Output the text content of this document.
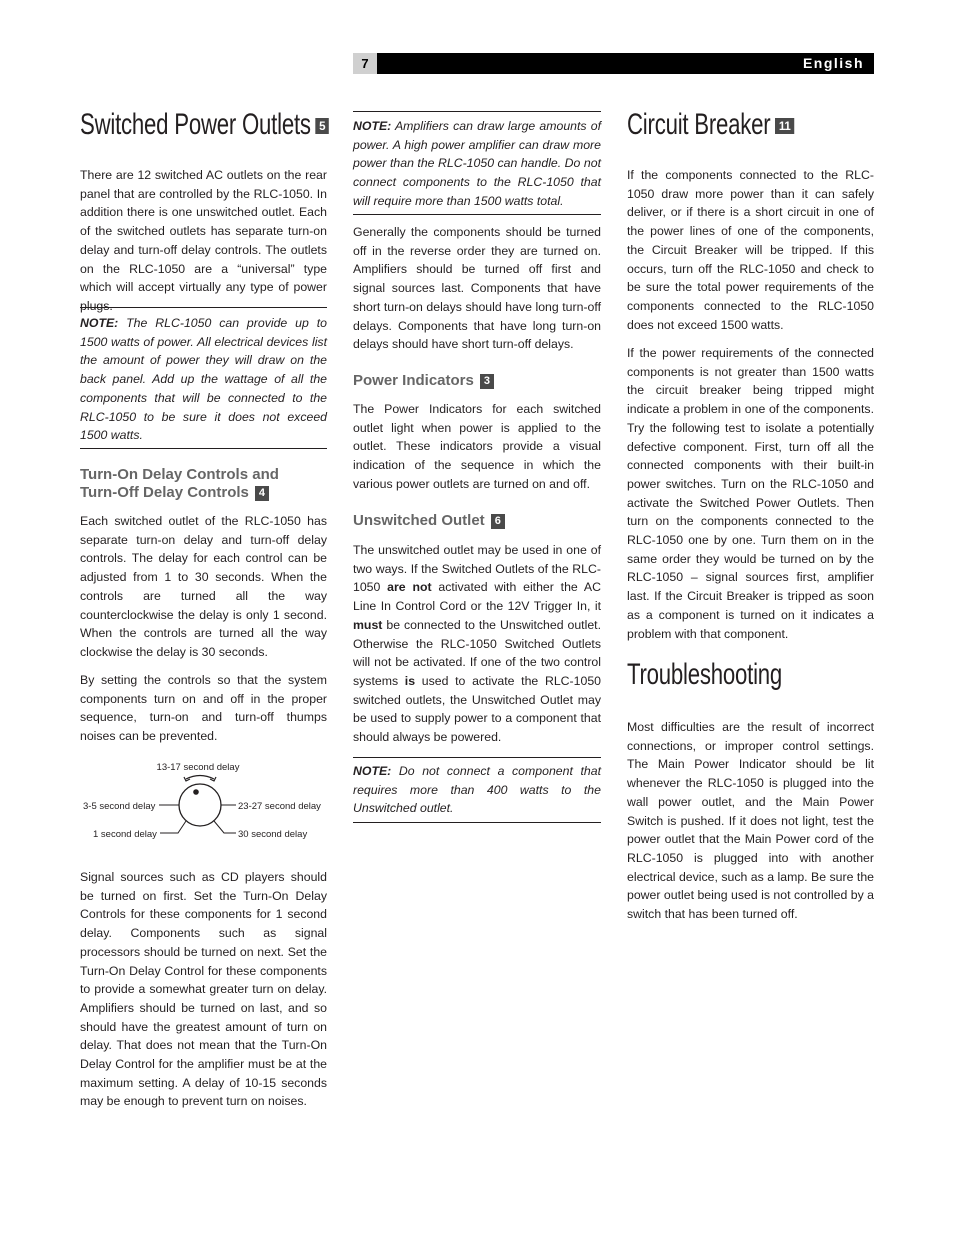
7	English
Switched Power Outlets 5

There are 12 switched AC outlets on the rear panel that are controlled by the RLC-1050. In addition there is one unswitched outlet. Each of the switched outlets has separate turn-on delay and turn-off delay controls. The outlets on the RLC-1050 are a “universal” type which will accept virtually any type of power plugs.

NOTE: The RLC-1050 can provide up to 1500 watts of power. All electrical devices list the amount of power they will draw on the back panel. Add up the wattage of all the components that will be connected to the RLC-1050 to be sure it does not exceed 1500 watts.

Turn-On Delay Controls and
Turn-Off Delay Controls 4

Each switched outlet of the RLC-1050 has separate turn-on delay and turn-off delay controls. The delay for each control can be adjusted from 1 to 30 seconds. When the controls are turned all the way counterclockwise the delay is only 1 second. When the controls are turned all the way clockwise the delay is 30 seconds.

By setting the controls so that the system components turn on and off in the proper sequence, turn-on and turn-off thumps noises can be prevented.

13-17 second delay
3-5 second delay	23-27 second delay
1 second delay	30 second delay

Signal sources such as CD players should be turned on first. Set the Turn-On Delay Controls for these components for 1 second delay. Components such as signal processors should be turned on next. Set the Turn-On Delay Control for these components to provide a somewhat greater turn on delay. Amplifiers should be turned on last, and so should have the greatest amount of turn on delay. That does not mean that the Turn-On Delay Control for the amplifier must be at the maximum setting. A delay of 10-15 seconds may be enough to prevent turn on noises.

NOTE: Amplifiers can draw large amounts of power. A high power amplifier can draw more power than the RLC-1050 can handle. Do not connect components to the RLC-1050 that will require more than 1500 watts total.

Generally the components should be turned off in the reverse order they are turned on. Amplifiers should be turned off first and signal sources last. Components that have short turn-on delays should have long turn-off delays. Components that have long turn-on delays should have short turn-off delays.

Power Indicators 3

The Power Indicators for each switched outlet light when power is applied to the outlet. These indicators provide a visual indication of the sequence in which the various power outlets are turned on and off.

Unswitched Outlet 6

The unswitched outlet may be used in one of two ways. If the Switched Outlets of the RLC-1050 are not activated with either the AC Line In Control Cord or the 12V Trigger In, it must be connected to the Unswitched outlet. Otherwise the RLC-1050 Switched Outlets will not be activated. If one of the two control systems is used to activate the RLC-1050 switched outlets, the Unswitched Outlet may be used to supply power to a component that should always be powered.

NOTE: Do not connect a component that requires more than 400 watts to the Unswitched outlet.

Circuit Breaker 11

If the components connected to the RLC-1050 draw more power than it can safely deliver, or if there is a short circuit in one of the power lines of one of the components, the Circuit Breaker will be tripped. If this occurs, turn off the RLC-1050 and check to be sure the total power requirements of the components connected to the RLC-1050 does not exceed 1500 watts.

If the power requirements of the connected components is not greater than 1500 watts the circuit breaker being tripped might indicate a problem in one of the components. Try the following test to isolate a potentially defective component. First, turn off all the connected components with their built-in power switches. Turn on the RLC-1050 and activate the Switched Power Outlets. Then turn on the components connected to the RLC-1050 one by one. Turn them on in the same order they would be turned on by the RLC-1050 – signal sources first, amplifier last. If the Circuit Breaker is tripped as soon as a component is turned on it indicates a problem with that component.

Troubleshooting

Most difficulties are the result of incorrect connections, or improper control settings. The Main Power Indicator should be lit whenever the RLC-1050 is plugged into the wall power outlet, and the Main Power Switch is pushed. If it does not light, test the power outlet that the Main Power cord of the RLC-1050 is plugged into with another electrical device, such as a lamp. Be sure the power outlet being used is not controlled by a switch that has been turned off.
